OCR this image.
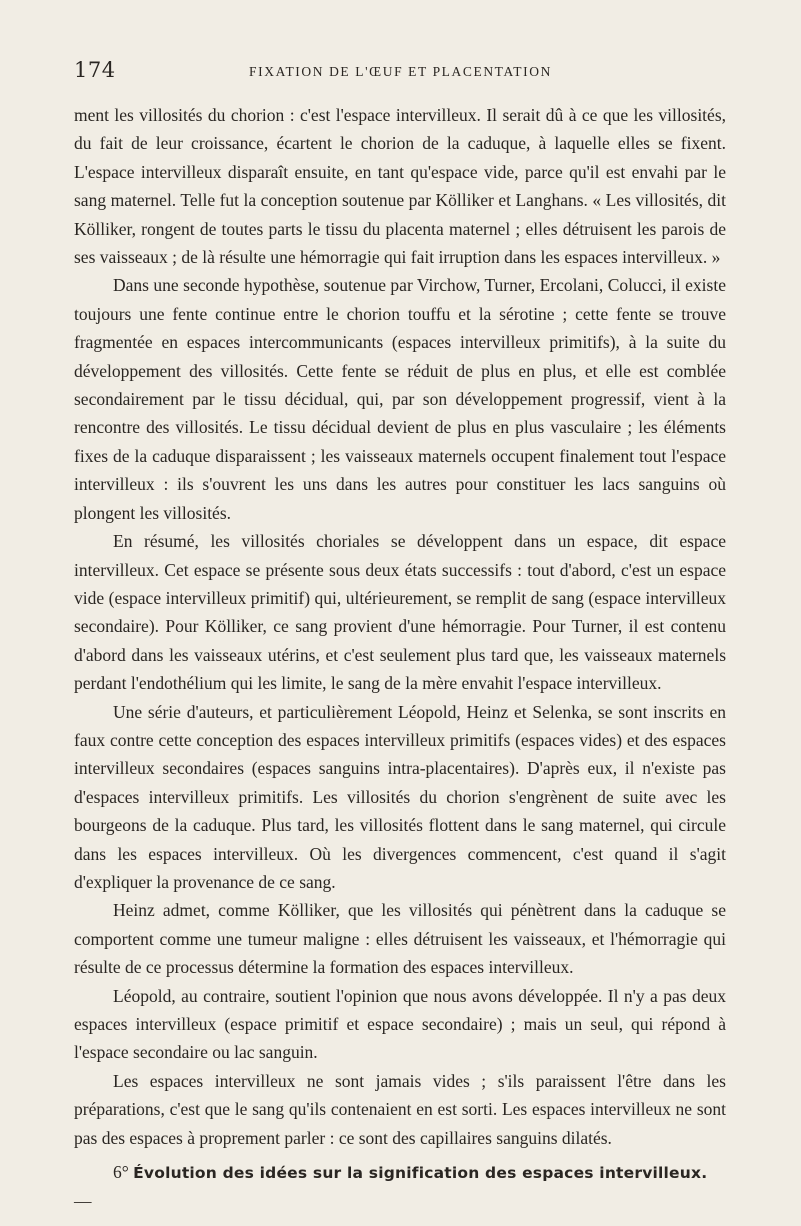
174	FIXATION DE L'ŒUF ET PLACENTATION

ment les villosités du chorion : c'est l'espace intervilleux. Il serait dû à ce que les villosités, du fait de leur croissance, écartent le chorion de la caduque, à laquelle elles se fixent. L'espace intervilleux disparaît ensuite, en tant qu'espace vide, parce qu'il est envahi par le sang maternel. Telle fut la conception soutenue par Kölliker et Langhans. « Les villosités, dit Kölliker, rongent de toutes parts le tissu du placenta maternel ; elles détruisent les parois de ses vaisseaux ; de là résulte une hémorragie qui fait irruption dans les espaces intervilleux. »

Dans une seconde hypothèse, soutenue par Virchow, Turner, Ercolani, Colucci, il existe toujours une fente continue entre le chorion touffu et la sérotine ; cette fente se trouve fragmentée en espaces intercommunicants (espaces intervilleux primitifs), à la suite du développement des villosités. Cette fente se réduit de plus en plus, et elle est comblée secondairement par le tissu décidual, qui, par son développement progressif, vient à la rencontre des villosités. Le tissu décidual devient de plus en plus vasculaire ; les éléments fixes de la caduque disparaissent ; les vaisseaux maternels occupent finalement tout l'espace intervilleux : ils s'ouvrent les uns dans les autres pour constituer les lacs sanguins où plongent les villosités.

En résumé, les villosités choriales se développent dans un espace, dit espace intervilleux. Cet espace se présente sous deux états successifs : tout d'abord, c'est un espace vide (espace intervilleux primitif) qui, ultérieurement, se remplit de sang (espace intervilleux secondaire). Pour Kölliker, ce sang provient d'une hémorragie. Pour Turner, il est contenu d'abord dans les vaisseaux utérins, et c'est seulement plus tard que, les vaisseaux maternels perdant l'endothélium qui les limite, le sang de la mère envahit l'espace intervilleux.

Une série d'auteurs, et particulièrement Léopold, Heinz et Selenka, se sont inscrits en faux contre cette conception des espaces intervilleux primitifs (espaces vides) et des espaces intervilleux secondaires (espaces sanguins intra-placentaires). D'après eux, il n'existe pas d'espaces intervilleux primitifs. Les villosités du chorion s'engrènent de suite avec les bourgeons de la caduque. Plus tard, les villosités flottent dans le sang maternel, qui circule dans les espaces intervilleux. Où les divergences commencent, c'est quand il s'agit d'expliquer la provenance de ce sang.

Heinz admet, comme Kölliker, que les villosités qui pénètrent dans la caduque se comportent comme une tumeur maligne : elles détruisent les vaisseaux, et l'hémorragie qui résulte de ce processus détermine la formation des espaces intervilleux.

Léopold, au contraire, soutient l'opinion que nous avons développée. Il n'y a pas deux espaces intervilleux (espace primitif et espace secondaire) ; mais un seul, qui répond à l'espace secondaire ou lac sanguin.

Les espaces intervilleux ne sont jamais vides ; s'ils paraissent l'être dans les préparations, c'est que le sang qu'ils contenaient en est sorti. Les espaces intervilleux ne sont pas des espaces à proprement parler : ce sont des capillaires sanguins dilatés.

6° Évolution des idées sur la signification des espaces intervilleux. —
